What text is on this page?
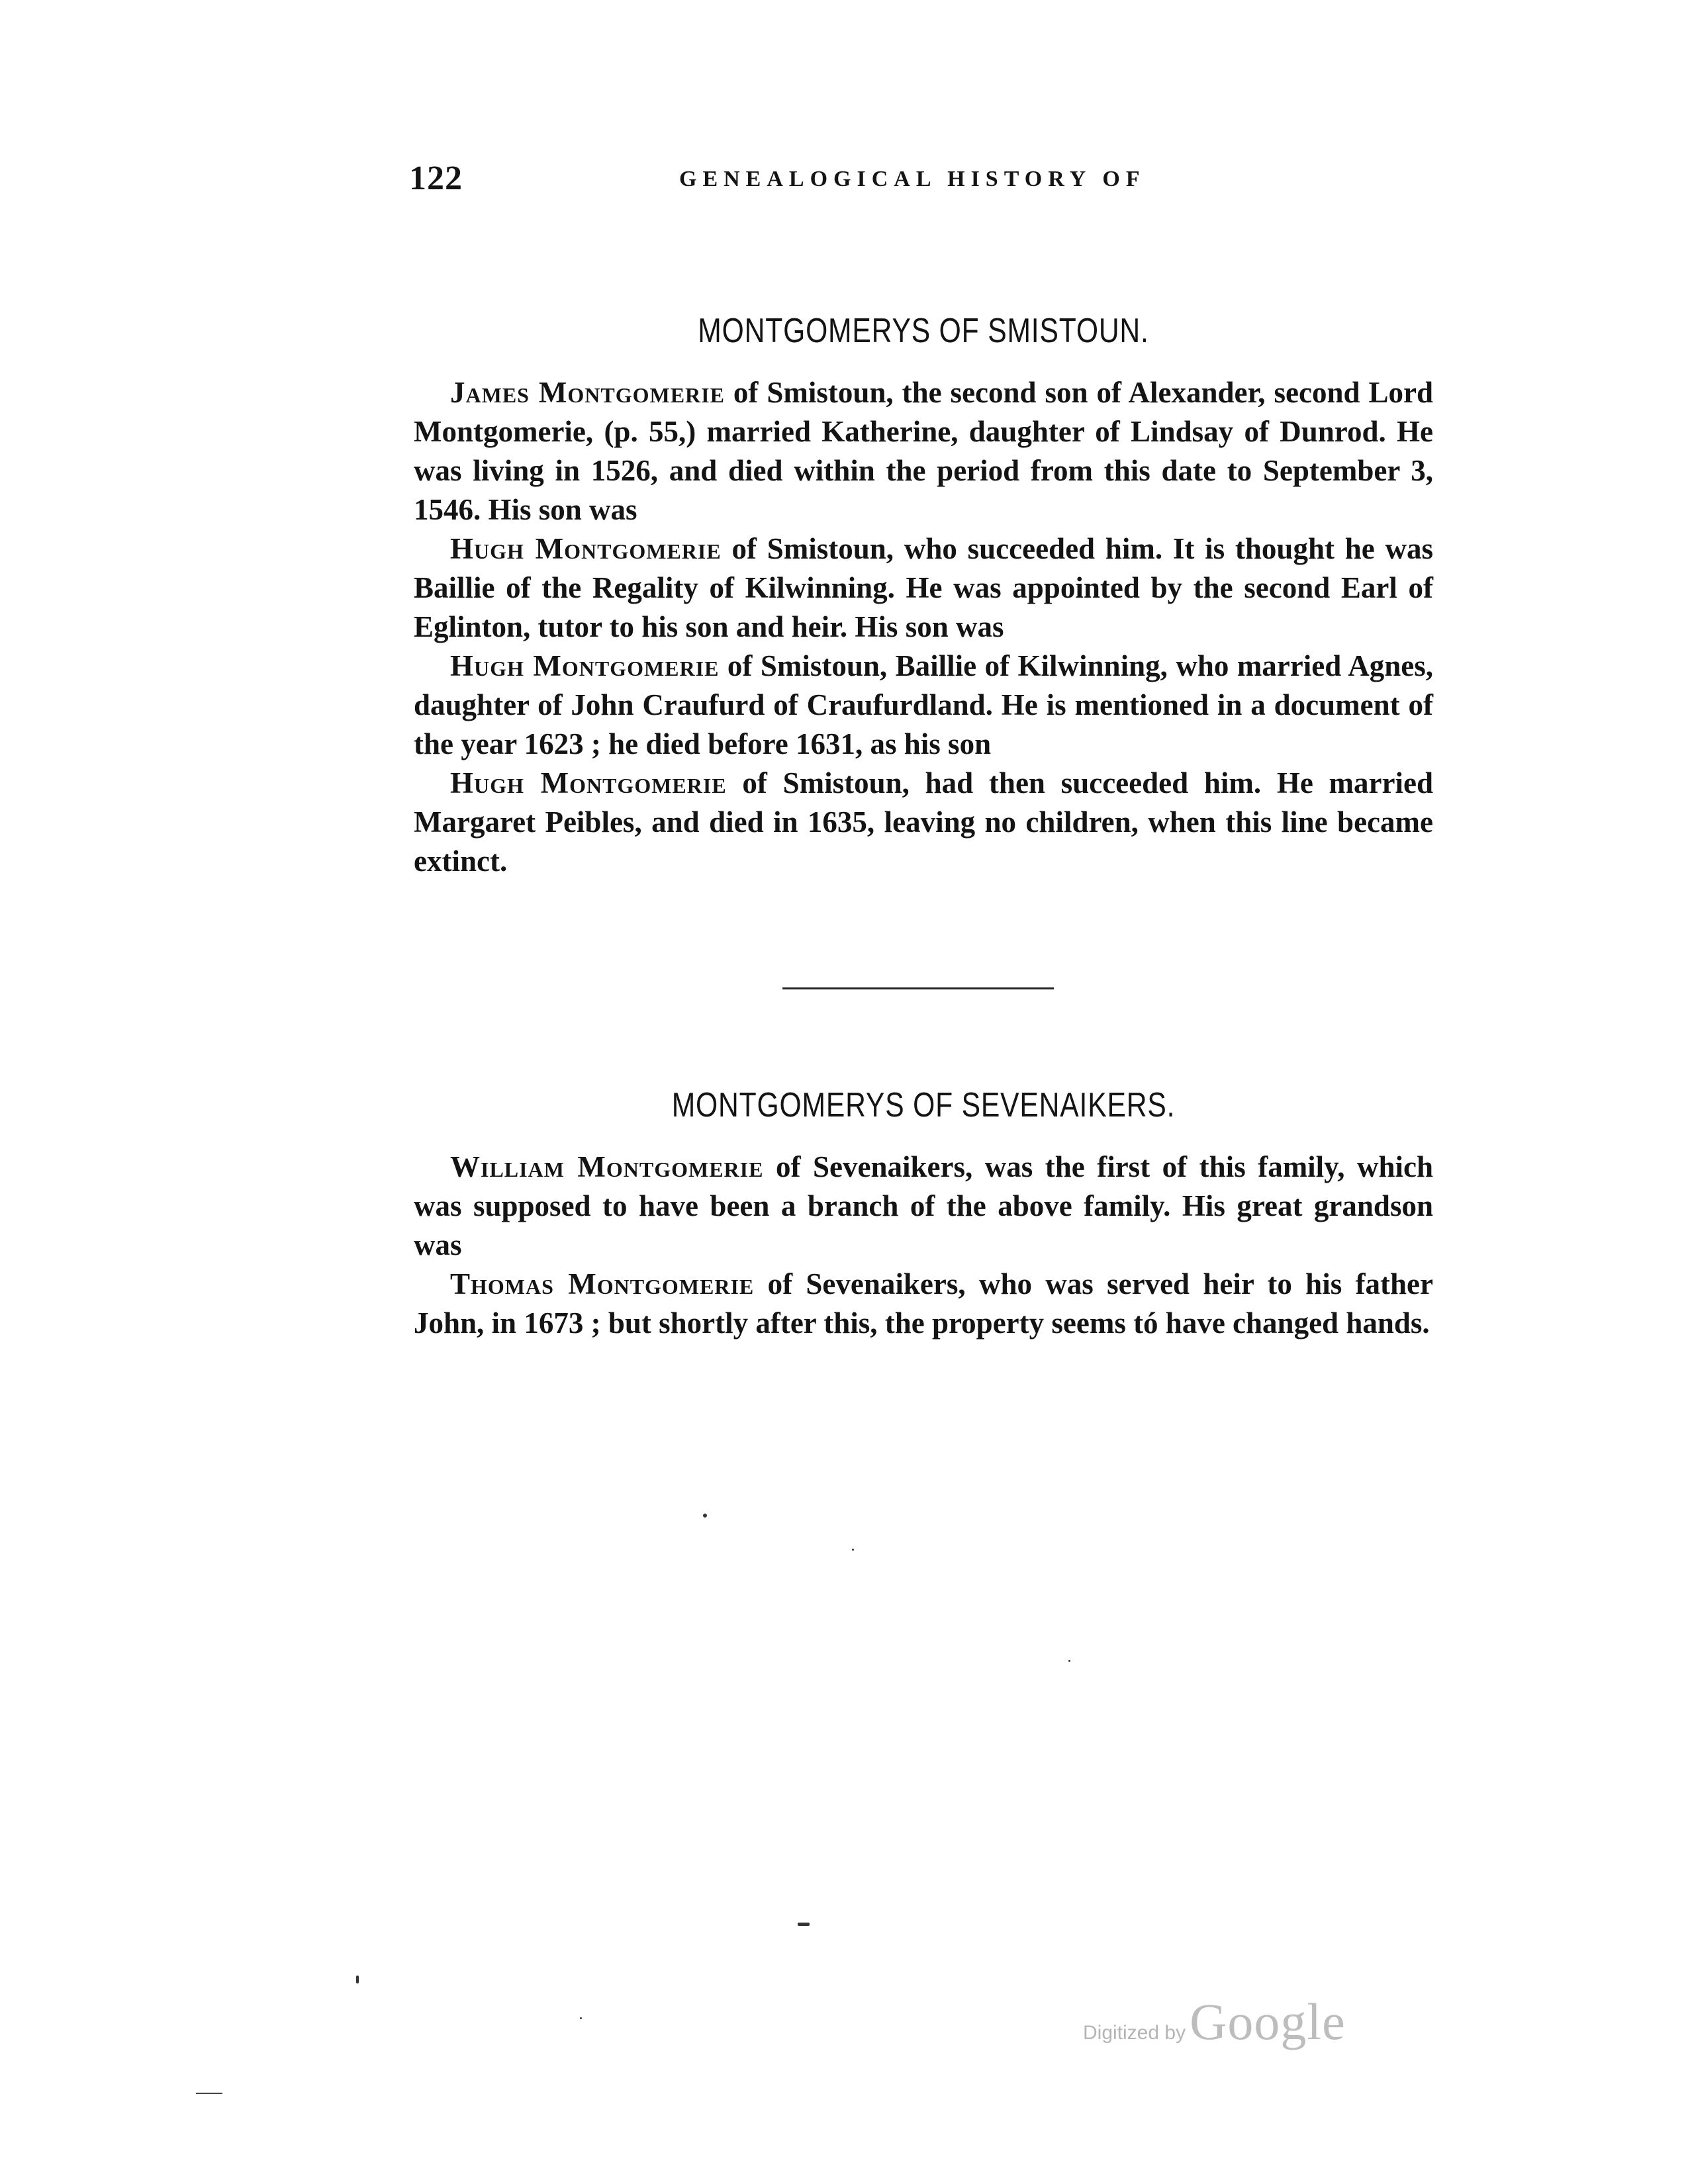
122	GENEALOGICAL HISTORY OF
MONTGOMERYS OF SMISTOUN.

James Montgomerie of Smistoun, the second son of Alexander, second Lord Montgomerie, (p. 55,) married Katherine, daughter of Lindsay of Dunrod. He was living in 1526, and died within the period from this date to September 3, 1546. His son was

Hugh Montgomerie of Smistoun, who succeeded him. It is thought he was Baillie of the Regality of Kilwinning. He was appointed by the second Earl of Eglinton, tutor to his son and heir. His son was

Hugh Montgomerie of Smistoun, Baillie of Kilwinning, who married Agnes, daughter of John Craufurd of Craufurdland. He is mentioned in a document of the year 1623 ; he died before 1631, as his son

Hugh Montgomerie of Smistoun, had then succeeded him. He married Margaret Peibles, and died in 1635, leaving no children, when this line became extinct.

MONTGOMERYS OF SEVENAIKERS.

William Montgomerie of Sevenaikers, was the first of this family, which was supposed to have been a branch of the above family. His great grandson was

Thomas Montgomerie of Sevenaikers, who was served heir to his father John, in 1673 ; but shortly after this, the property seems tó have changed hands.

Digitized byGoogle
